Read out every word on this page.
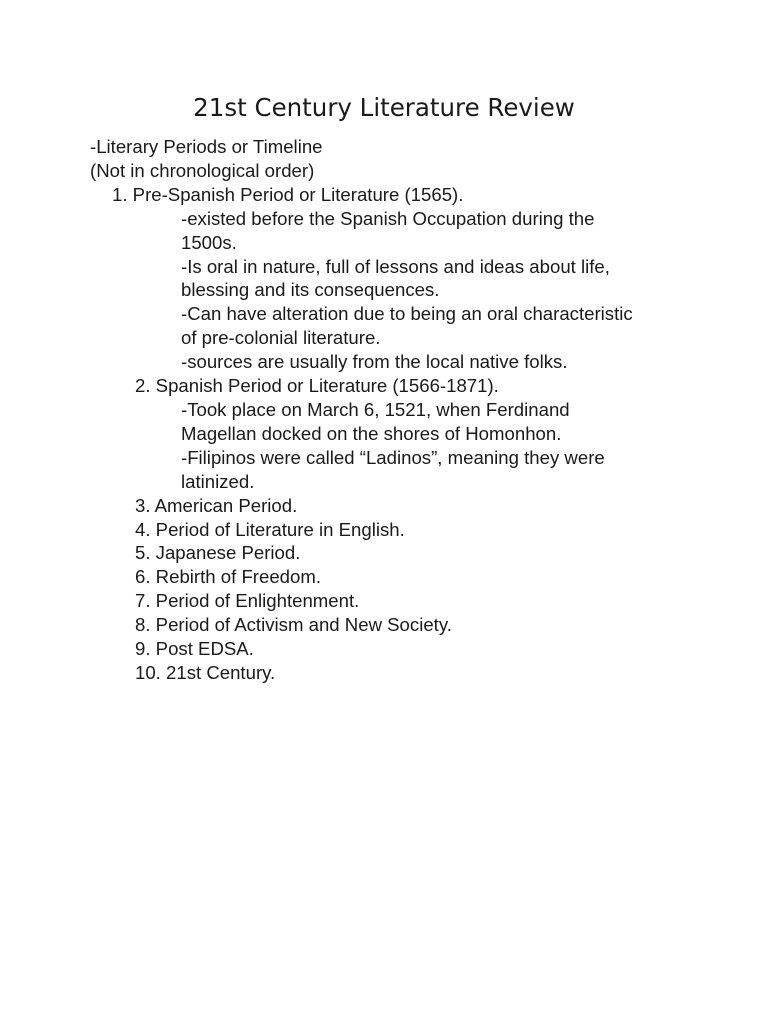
21st Century Literature Review
-Literary Periods or Timeline
(Not in chronological order)
1. Pre-Spanish Period or Literature (1565).
-existed before the Spanish Occupation during the
1500s.
-Is oral in nature, full of lessons and ideas about life,
blessing and its consequences.
-Can have alteration due to being an oral characteristic
of pre-colonial literature.
-sources are usually from the local native folks.
2. Spanish Period or Literature (1566-1871).
-Took place on March 6, 1521, when Ferdinand
Magellan docked on the shores of Homonhon.
-Filipinos were called “Ladinos”, meaning they were
latinized.
3. American Period.
4. Period of Literature in English.
5. Japanese Period.
6. Rebirth of Freedom.
7. Period of Enlightenment.
8. Period of Activism and New Society.
9. Post EDSA.
10. 21st Century.
